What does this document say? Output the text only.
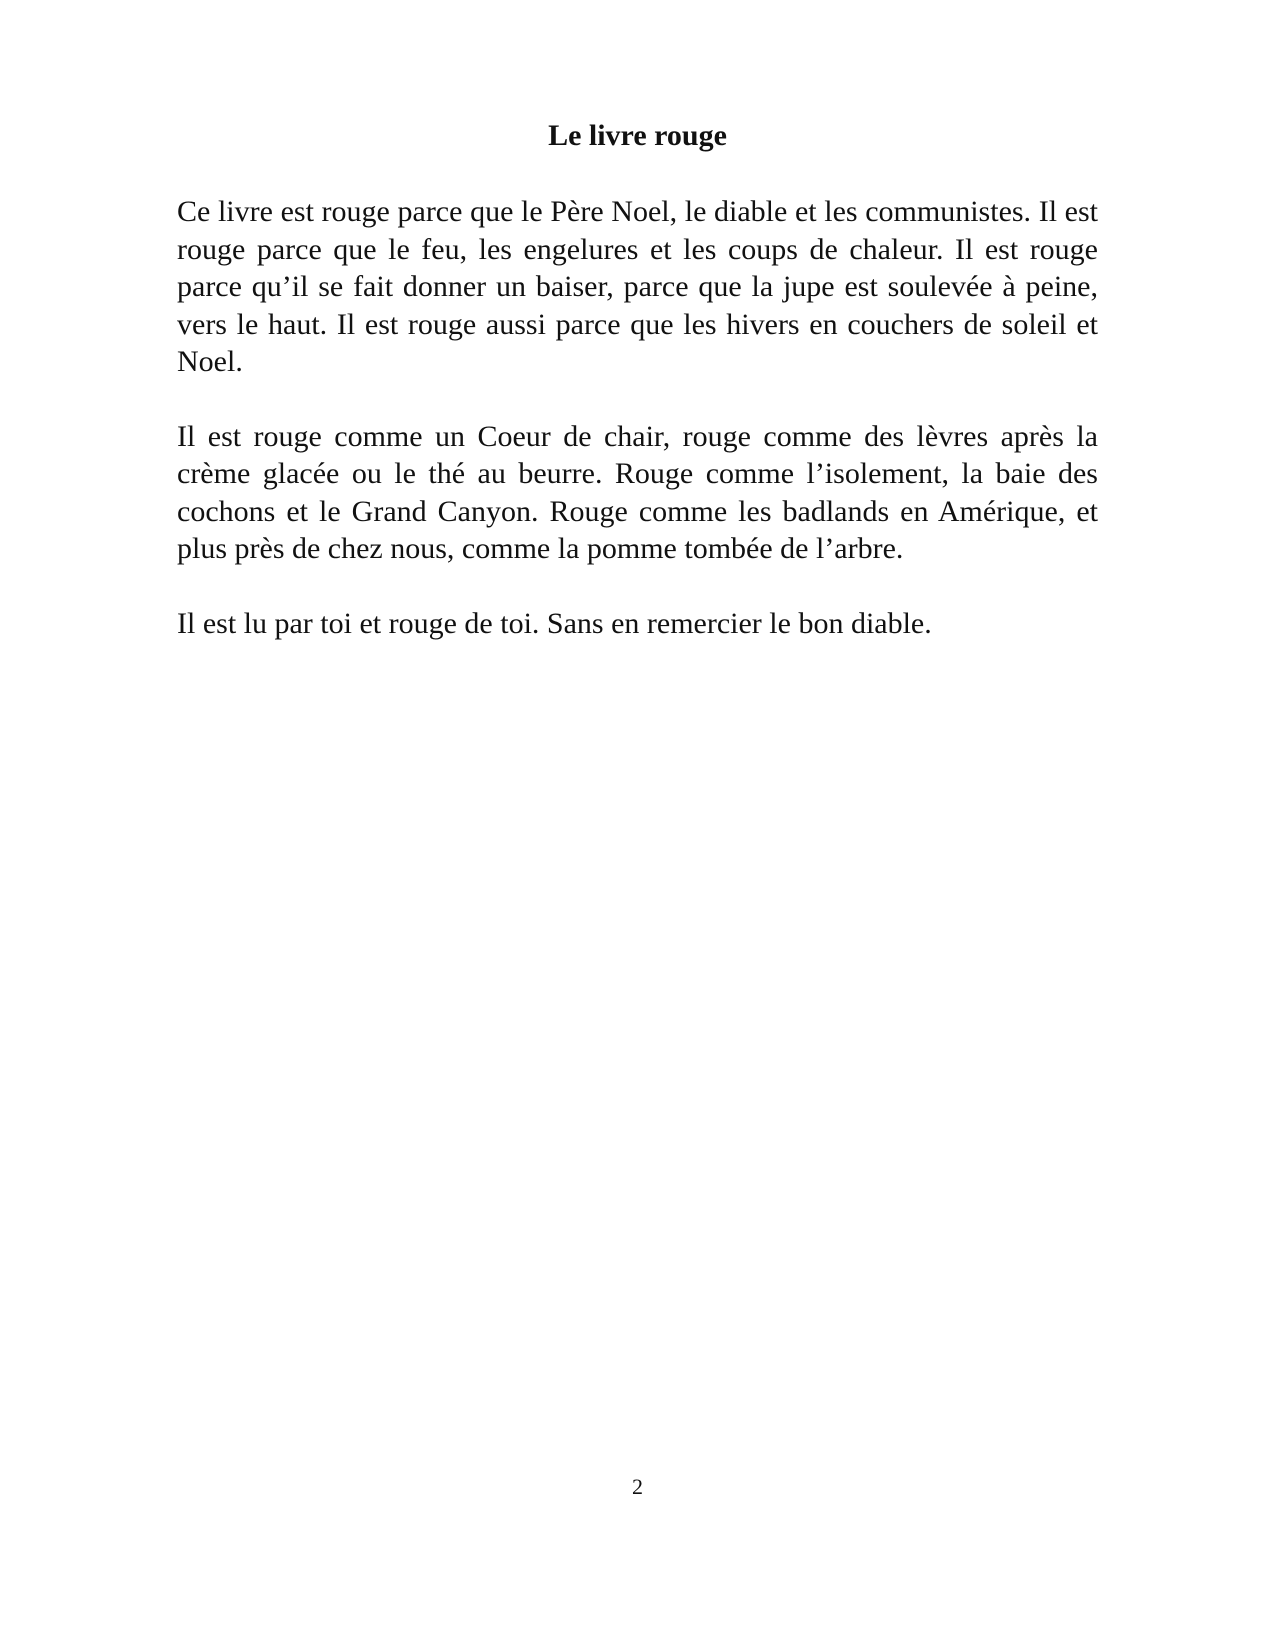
Le livre rouge

Ce livre est rouge parce que le Père Noel, le diable et les communistes. Il est rouge parce que le feu, les engelures et les coups de chaleur. Il est rouge parce qu’il se fait donner un baiser, parce que la jupe est soulevée à peine, vers le haut. Il est rouge aussi parce que les hivers en couchers de soleil et Noel.

Il est rouge comme un Coeur de chair, rouge comme des lèvres après la crème glacée ou le thé au beurre. Rouge comme l’isolement, la baie des cochons et le Grand Canyon. Rouge comme les badlands en Amérique, et plus près de chez nous, comme la pomme tombée de l’arbre.

Il est lu par toi et rouge de toi. Sans en remercier le bon diable.

2
